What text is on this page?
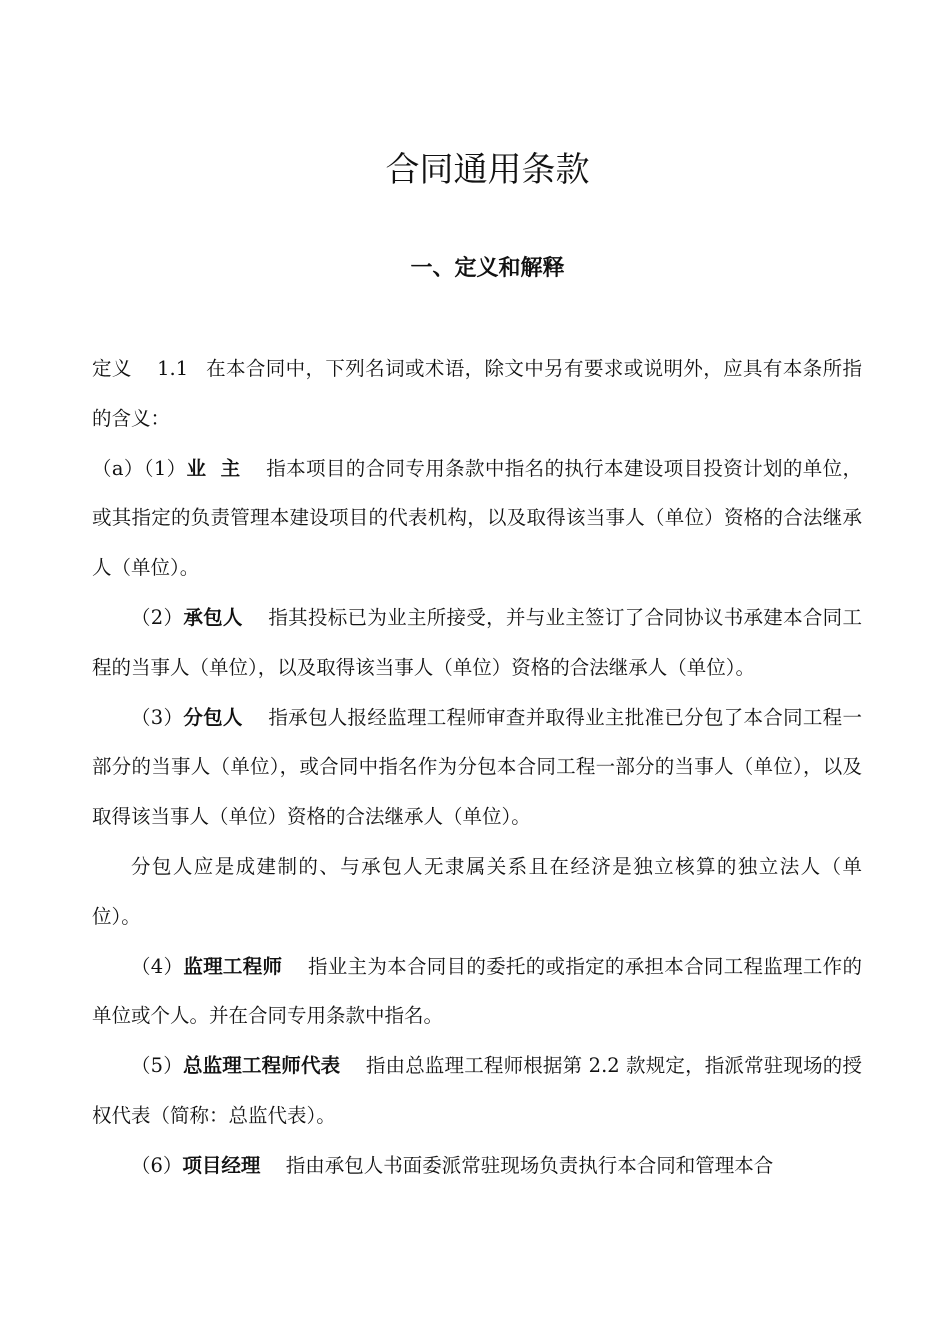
合同通用条款
一、定义和解释

定义 1.1 在本合同中，下列名词或术语，除文中另有要求或说明外，应具有本条所指的含义：

（a）（1）业  主 指本项目的合同专用条款中指名的执行本建设项目投资计划的单位，或其指定的负责管理本建设项目的代表机构，以及取得该当事人（单位）资格的合法继承人（单位）。

（2）承包人 指其投标已为业主所接受，并与业主签订了合同协议书承建本合同工程的当事人（单位），以及取得该当事人（单位）资格的合法继承人（单位）。

（3）分包人 指承包人报经监理工程师审查并取得业主批准已分包了本合同工程一部分的当事人（单位），或合同中指名作为分包本合同工程一部分的当事人（单位），以及取得该当事人（单位）资格的合法继承人（单位）。

分包人应是成建制的、与承包人无隶属关系且在经济是独立核算的独立法人（单位）。

（4）监理工程师 指业主为本合同目的委托的或指定的承担本合同工程监理工作的单位或个人。并在合同专用条款中指名。

（5）总监理工程师代表 指由总监理工程师根据第 2.2 款规定，指派常驻现场的授权代表（简称：总监代表）。

（6）项目经理 指由承包人书面委派常驻现场负责执行本合同和管理本合
